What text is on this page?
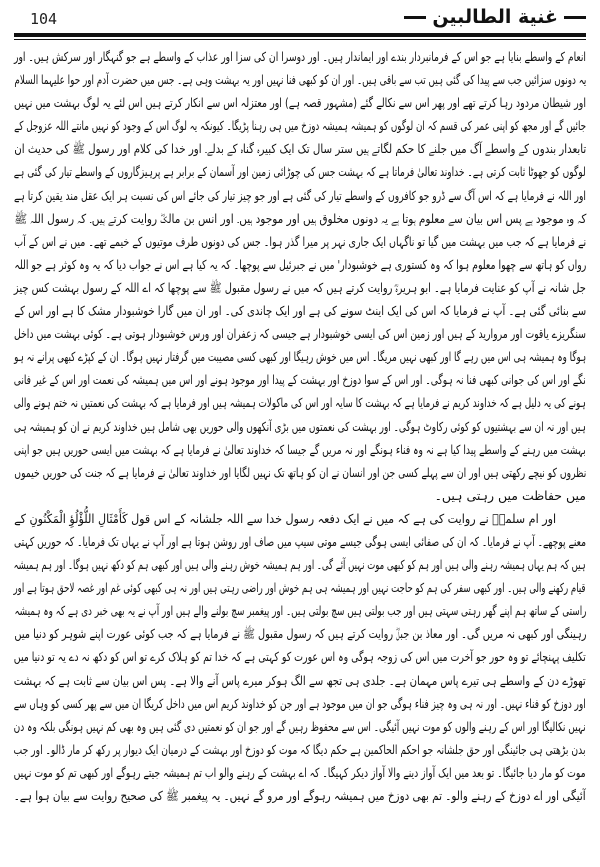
104	غنية الطالبين
انعام کے واسطے بنایا ہے جو اس کے فرمانبردار بندے اور ایماندار ہیں۔ اور دوسرا ان کی سزا اور عذاب کے واسطے ہے جو گنہگار اور سرکش ہیں۔ اور
یہ دونوں سزائیں جب سے پیدا کی گئی ہیں تب سے باقی ہیں۔ اور ان کو کبھی فنا نہیں اور یہ بہشت وہی ہے۔ جس میں حضرت آدم اور حوا علیہما السلام
اور شیطان مردود رہا کرتے تھے اور پھر اس سے نکالے گئے (مشہور قصہ ہے) اور معتزلہ اس سے انکار کرتے ہیں اس لئے یہ لوگ بہشت میں نہیں
جائیں گے اور مجھ کو اپنی عمر کی قسم کہ ان لوگوں کو ہمیشہ ہمیشہ دوزخ میں ہی رہنا پڑیگا۔ کیونکہ یہ لوگ اس کے وجود کو نہیں مانتے اللہ عزوجل کے
تابعدار بندوں کے واسطے آگ میں جلنے کا حکم لگاتے ہیں ستر سال تک ایک کبیرہ گناہ کے بدلے۔ اور خدا کی کلام اور رسول ﷺ کی حدیث ان
لوگوں کو جھوٹا ثابت کرتی ہے۔ خداوند تعالیٰ فرماتا ہے کہ بہشت جس کی چوڑائی زمین اور آسمان کے برابر ہے پرہیزگاروں کے واسطے تیار کی گئی ہے
اور اللہ نے فرمایا ہے کہ اس آگ سے ڈرو جو کافروں کے واسطے تیار کی گئی ہے اور جو چیز تیار کی جائے اس کی نسبت ہر ایک عقل مند یقین کرتا ہے
کہ وہ موجود ہے پس اس بیان سے معلوم ہوتا ہے یہ دونوں مخلوق ہیں اور موجود ہیں۔ اور انس بن مالکؓ روایت کرتے ہیں۔ کہ رسول اللہ ﷺ
نے فرمایا ہے کہ جب میں بہشت میں گیا تو ناگہاں ایک جاری نہر پر میرا گذر ہوا۔ جس کی دونوں طرف موتیوں کے خیمے تھے۔ میں نے اس کے آب
رواں کو ہاتھ سے چھوا معلوم ہوا کہ وہ کستوری ہے خوشبودار' میں نے جبرئیل سے پوچھا۔ کہ یہ کیا ہے اس نے جواب دیا کہ یہ وہ کوثر ہے جو اللہ
جل شانہ نے آپ کو عنایت فرمایا ہے۔ ابو ہریرہؓ روایت کرتے ہیں کہ میں نے رسول مقبول ﷺ سے پوچھا کہ اے اللہ کے رسول بہشت کس چیز
سے بنائی گئی ہے۔ آپ نے فرمایا کہ اس کی ایک اینٹ سونے کی ہے اور ایک چاندی کی۔ اور ان میں گارا خوشبودار مشک کا ہے اور اس کے
سنگریزے یاقوت اور مروارید کے ہیں اور زمین اس کی ایسی خوشبودار ہے جیسی کہ زعفران اور ورس خوشبودار ہوتی ہے۔ کوئی بہشت میں داخل
ہوگا وہ ہمیشہ ہی اس میں رہے گا اور کبھی نہیں مریگا۔ اس میں خوش رہیگا اور کبھی کسی مصیبت میں گرفتار نہیں ہوگا۔ ان کے کپڑے کبھی پرانے نہ ہو
نگے اور اس کی جوانی کبھی فنا نہ ہوگی۔ اور اس کے سوا دوزخ اور بہشت کے پیدا اور موجود ہونے اور اس میں ہمیشہ کی نعمت اور اس کے غیر فانی
ہونے کی یہ دلیل ہے کہ خداوند کریم نے فرمایا ہے کہ بہشت کا سایہ اور اس کی ماکولات ہمیشہ ہیں اور فرمایا ہے کہ بہشت کی نعمتیں نہ ختم ہونے والی
ہیں اور نہ ان سے بہشتیوں کو کوئی رکاوٹ ہوگی۔ اور بہشت کی نعمتوں میں بڑی آنکھوں والی حوریں بھی شامل ہیں خداوند کریم نے ان کو ہمیشہ ہی
بہشت میں رہنے کے واسطے پیدا کیا ہے نہ وہ فناء ہونگے اور نہ مریں گے جیسا کہ خداوند تعالیٰ نے فرمایا ہے کہ بہشت میں ایسی حوریں ہیں جو اپنی
نظروں کو نیچے رکھتی ہیں اور ان سے پہلے کسی جن اور انسان نے ان کو ہاتھ تک نہیں لگایا اور خداوند تعالیٰ نے فرمایا ہے کہ جنت کی حوریں خیموں
میں حفاظت میں رہتی ہیں۔
اور ام سلمہؓ نے روایت کی ہے کہ میں نے ایک دفعہ رسول خدا سے اللہ جلشانہ کے اس قول كَأَمْثَالِ اللُّؤْلُؤِ الْمَكْنُونِ کے
معنے پوچھے۔ آپ نے فرمایا۔ کہ ان کی صفائی ایسی ہوگی جیسے موتی سیپ میں صاف اور روشن ہوتا ہے اور آپ نے یہاں تک فرمایا۔ کہ حوریں کہتی
ہیں کہ ہم یہاں ہمیشہ رہنے والی ہیں اور ہم کو کبھی موت نہیں آئے گی۔ اور ہم ہمیشہ خوش رہنے والی ہیں اور کبھی ہم کو دکھ نہیں ہوگا۔ اور ہم ہمیشہ
قیام رکھنے والی ہیں۔ اور کبھی سفر کی ہم کو حاجت نہیں اور ہمیشہ ہی ہم خوش اور راضی رہتی ہیں اور نہ ہی کبھی کوئی غم اور غصہ لاحق ہوتا ہے اور
راستی کے ساتھ ہم اپنے گھر رہتی سہتی ہیں اور جب بولتی ہیں سچ بولتی ہیں۔ اور پیغمبر سچ بولنے والے ہیں اور آپ نے یہ بھی خبر دی ہے کہ وہ ہمیشہ
رہینگی اور کبھی نہ مریں گی۔ اور معاذ بن جبلؓ روایت کرتے ہیں کہ رسول مقبول ﷺ نے فرمایا ہے کہ جب کوئی عورت اپنے شوہر کو دنیا میں
تکلیف پہنچائے تو وہ حور جو آخرت میں اس کی زوجہ ہوگی وہ اس عورت کو کہتی ہے کہ خدا تم کو ہلاک کرے تو اس کو دکھ نہ دے یہ تو دنیا میں
تھوڑے دن کے واسطے ہی تیرے پاس مہمان ہے۔ جلدی ہی تجھ سے الگ ہوکر میرے پاس آنے والا ہے۔ پس اس بیان سے ثابت ہے کہ بہشت
اور دوزخ کو فناء نہیں۔ اور نہ ہی وہ چیز فناء ہوگی جو ان میں موجود ہے اور جن کو خداوند کریم اس میں داخل کریگا ان میں سے پھر کسی کو وہاں سے
نہیں نکالیگا اور اس کے رہنے والوں کو موت نہیں آئیگی۔ اس سے محفوظ رہیں گے اور جو ان کو نعمتیں دی گئی ہیں وہ بھی کم نہیں ہونگی بلکہ وہ دن
بدن بڑھتی ہی جائینگی اور حق جلشانہ جو احکم الحاکمین ہے حکم دیگا کہ موت کو دوزخ اور بہشت کے درمیان ایک دیوار پر رکھ کر مار ڈالو۔ اور جب
موت کو مار دیا جائیگا۔ تو بعد میں ایک آواز دینے والا آواز دیکر کہیگا۔ کہ اے بہشت کے رہنے والو اب تم ہمیشہ جیتے رہوگے اور کبھی تم کو موت نہیں
آئیگی اور اے دوزخ کے رہنے والو۔ تم بھی دوزخ میں ہمیشہ رہوگے اور مرو گے نہیں۔ یہ پیغمبر ﷺ کی صحیح روایت سے بیان ہوا ہے۔
